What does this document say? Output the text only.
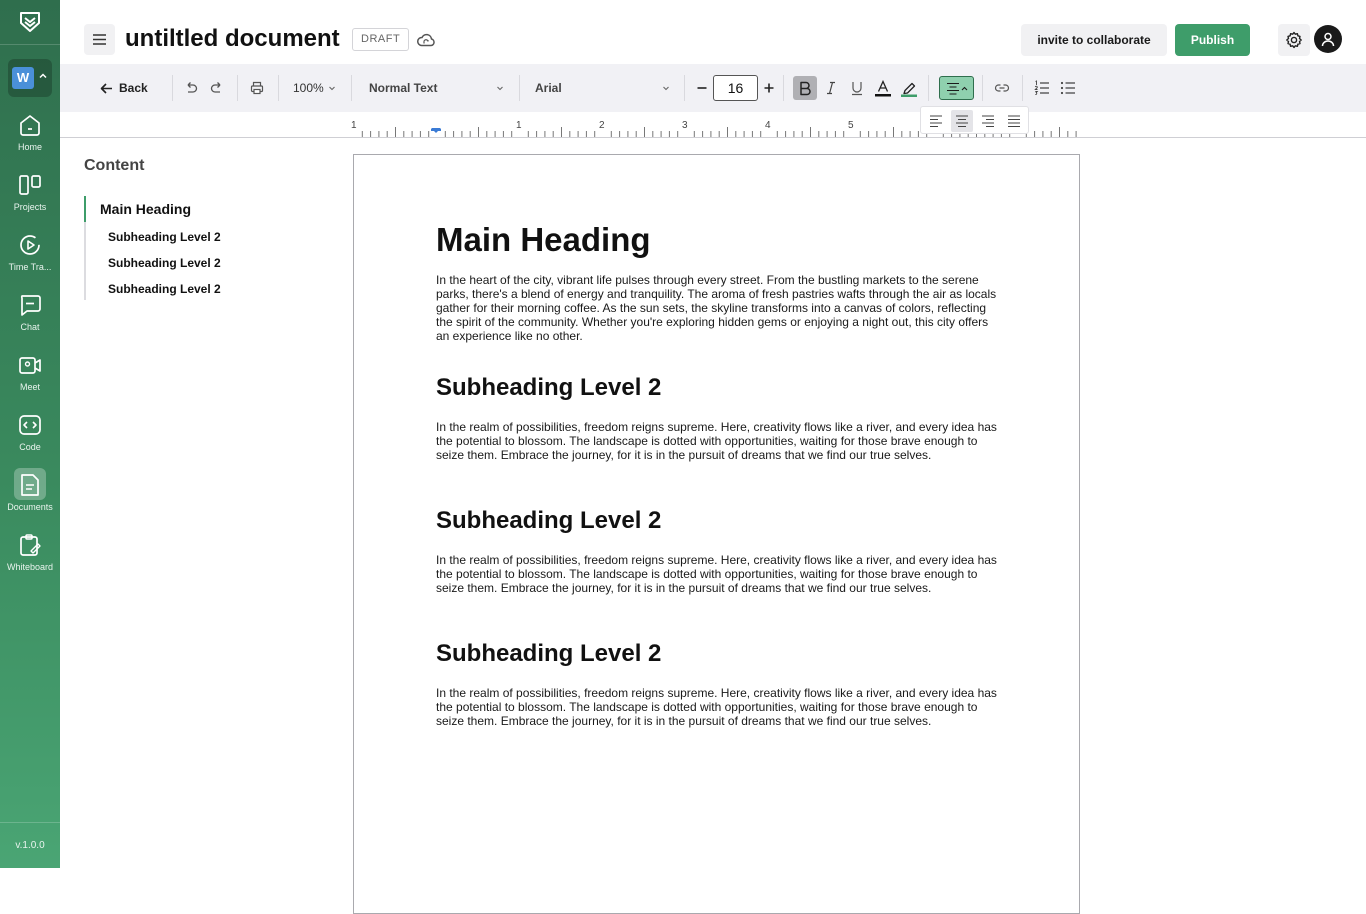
W
Home
Projects
Time Tra...
Chat
Meet
Code
Documents
Whiteboard
v.1.0.0
untiltled document	DRAFT	invite to collaborate	Publish
Back	100%	Normal Text	Arial	16
1	1	2	3	4	5
Content
Main Heading
Subheading Level 2
Subheading Level 2
Subheading Level 2
Main Heading

In the heart of the city, vibrant life pulses through every street. From the bustling markets to the serene parks, there's a blend of energy and tranquility. The aroma of fresh pastries wafts through the air as locals gather for their morning coffee. As the sun sets, the skyline transforms into a canvas of colors, reflecting the spirit of the community. Whether you're exploring hidden gems or enjoying a night out, this city offers an experience like no other.

Subheading Level 2

In the realm of possibilities, freedom reigns supreme. Here, creativity flows like a river, and every idea has the potential to blossom. The landscape is dotted with opportunities, waiting for those brave enough to seize them. Embrace the journey, for it is in the pursuit of dreams that we find our true selves.

Subheading Level 2

In the realm of possibilities, freedom reigns supreme. Here, creativity flows like a river, and every idea has the potential to blossom. The landscape is dotted with opportunities, waiting for those brave enough to seize them. Embrace the journey, for it is in the pursuit of dreams that we find our true selves.

Subheading Level 2

In the realm of possibilities, freedom reigns supreme. Here, creativity flows like a river, and every idea has the potential to blossom. The landscape is dotted with opportunities, waiting for those brave enough to seize them. Embrace the journey, for it is in the pursuit of dreams that we find our true selves.
